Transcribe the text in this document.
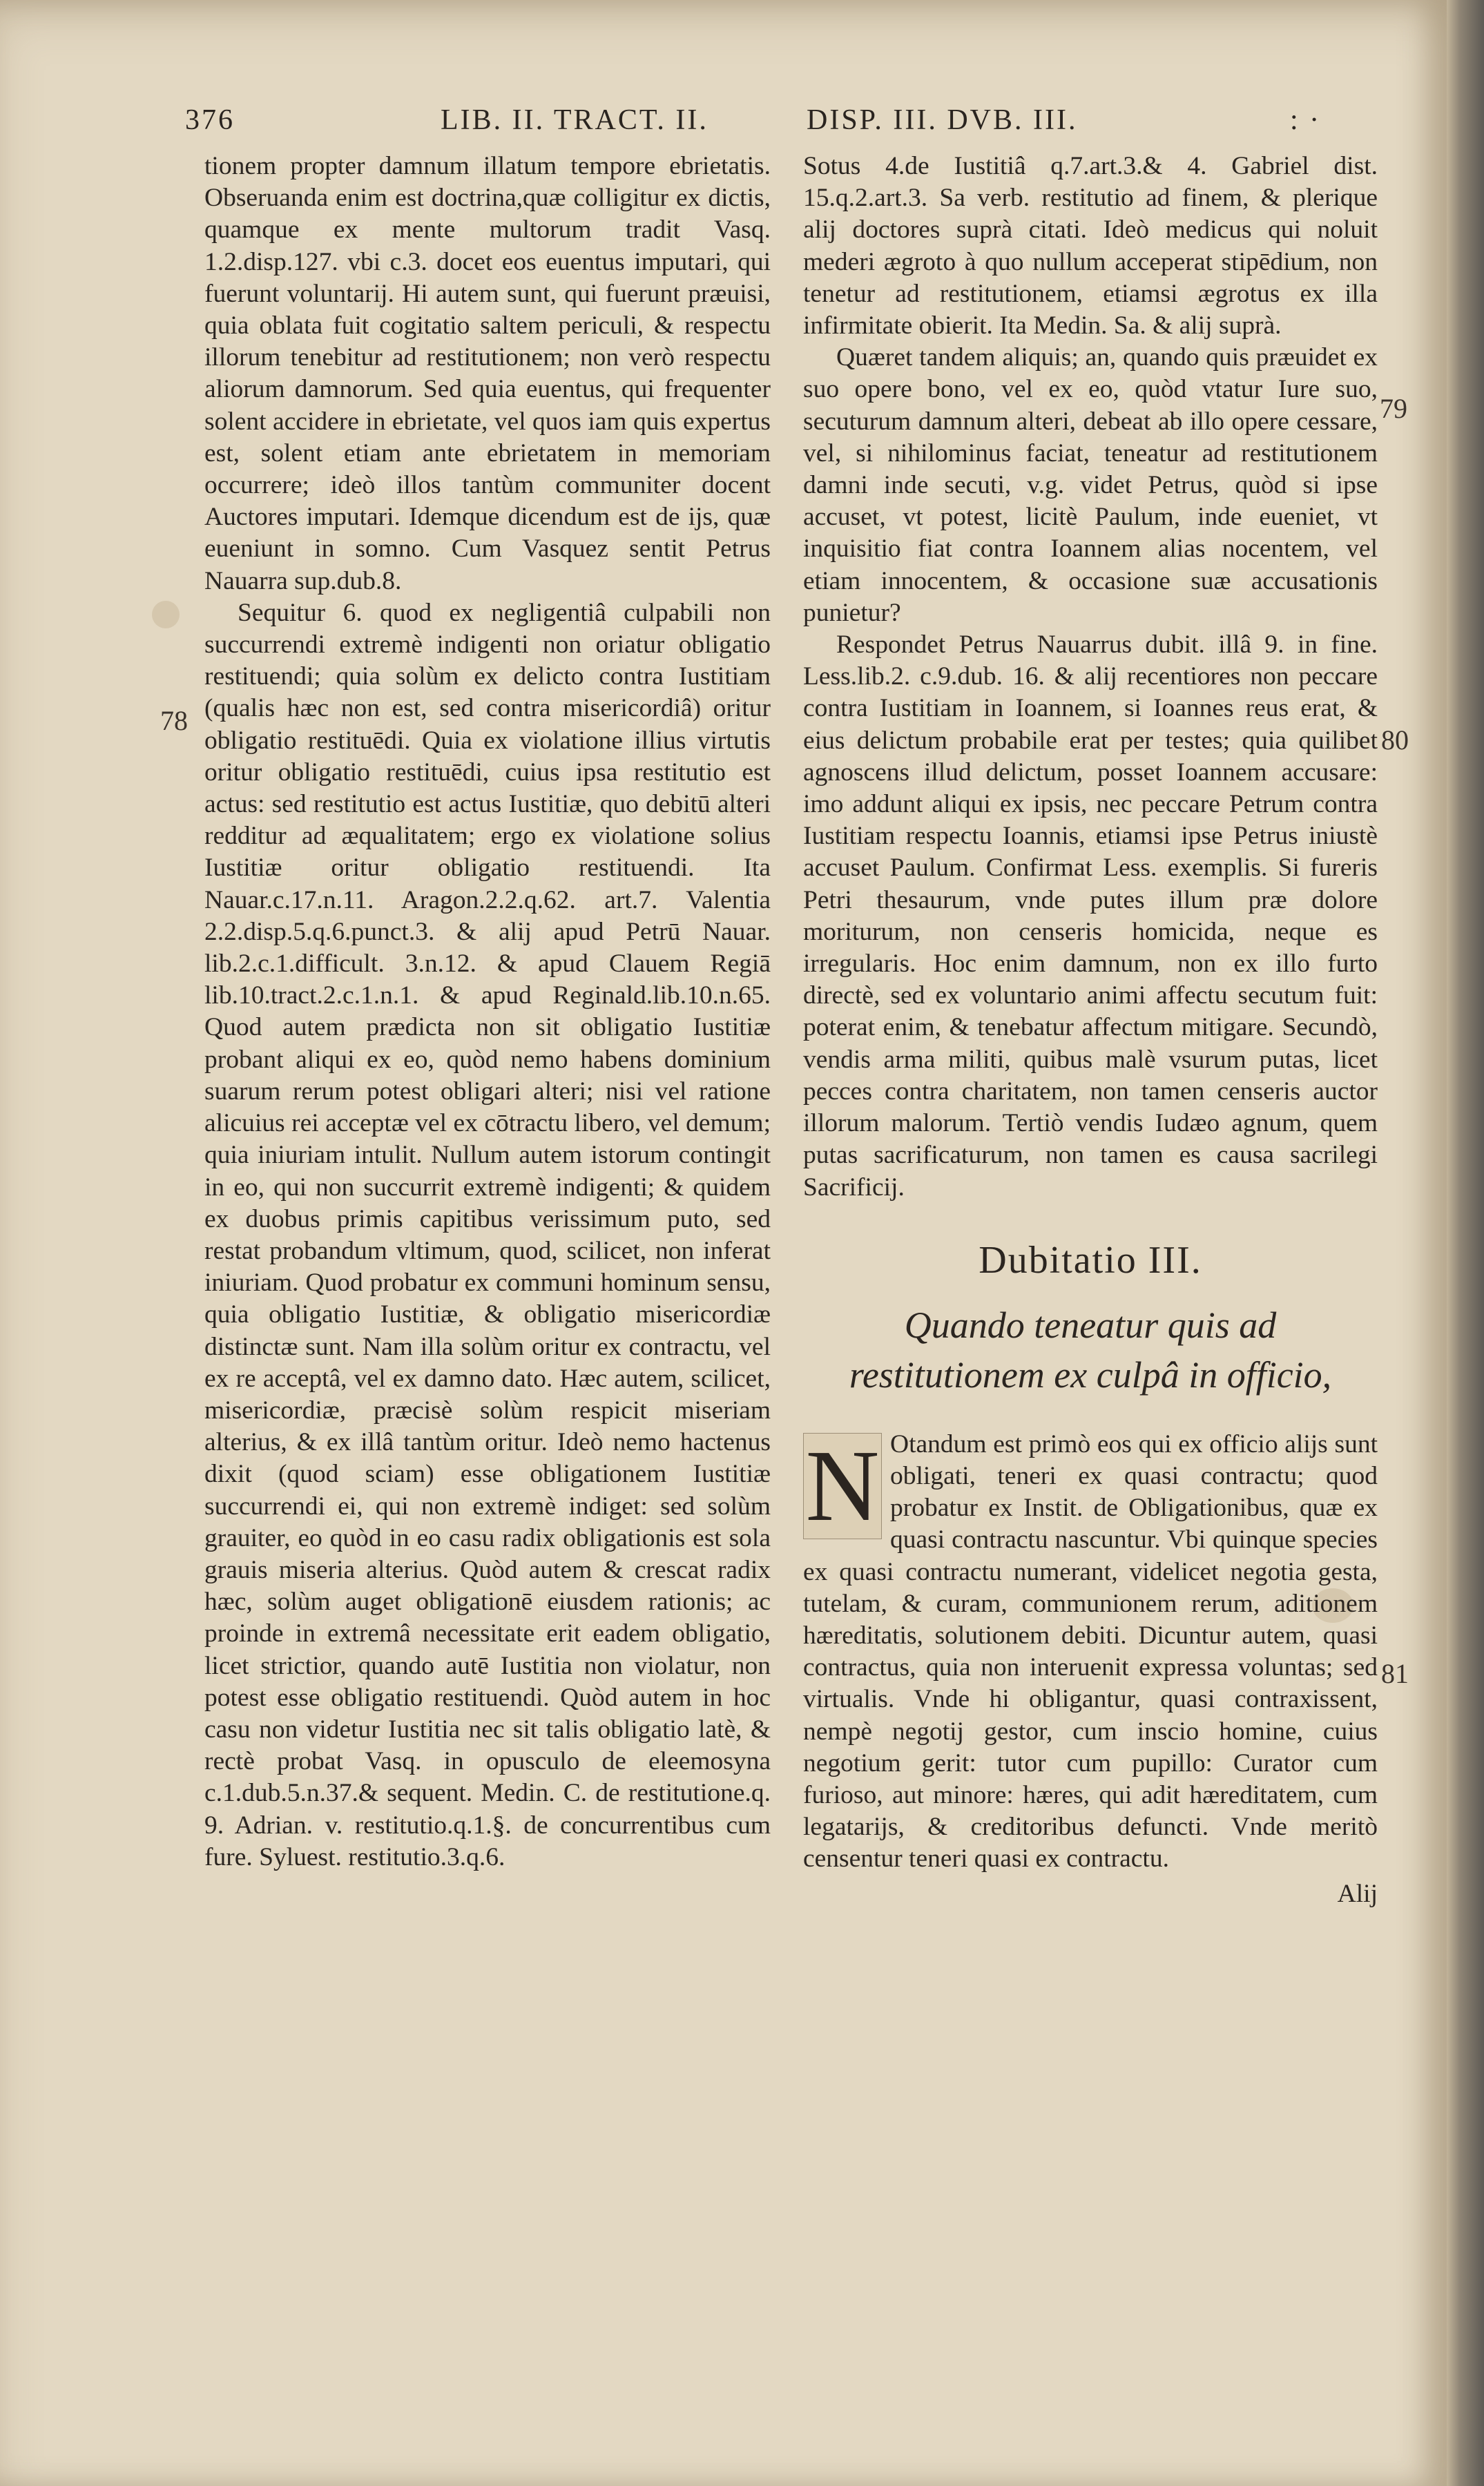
376	LIB. II. TRACT. II.	DISP. III. DVB. III.	: ·
78
79
80
81

tionem propter damnum illatum tempore ebrietatis. Obseruanda enim est doctrina,quæ colligitur ex dictis, quamque ex mente multorum tradit Vasq. 1.2.disp.127. vbi c.3. docet eos euentus imputari, qui fuerunt voluntarij. Hi autem sunt, qui fuerunt præuisi, quia oblata fuit cogitatio saltem periculi, & respectu illorum tenebitur ad restitutionem; non verò respectu aliorum damnorum. Sed quia euentus, qui frequenter solent accidere in ebrietate, vel quos iam quis expertus est, solent etiam ante ebrietatem in memoriam occurrere; ideò illos tantùm communiter docent Auctores imputari. Idemque dicendum est de ijs, quæ eueniunt in somno. Cum Vasquez sentit Petrus Nauarra sup.dub.8.

Sequitur 6. quod ex negligentiâ culpabili non succurrendi extremè indigenti non oriatur obligatio restituendi; quia solùm ex delicto contra Iustitiam (qualis hæc non est, sed contra misericordiâ) oritur obligatio restituēdi. Quia ex violatione illius virtutis oritur obligatio restituēdi, cuius ipsa restitutio est actus: sed restitutio est actus Iustitiæ, quo debitū alteri redditur ad æqualitatem; ergo ex violatione solius Iustitiæ oritur obligatio restituendi. Ita Nauar.c.17.n.11. Aragon.2.2.q.62. art.7. Valentia 2.2.disp.5.q.6.punct.3. & alij apud Petrū Nauar. lib.2.c.1.difficult. 3.n.12. & apud Clauem Regiā lib.10.tract.2.c.1.n.1. & apud Reginald.lib.10.n.65. Quod autem prædicta non sit obligatio Iustitiæ probant aliqui ex eo, quòd nemo habens dominium suarum rerum potest obligari alteri; nisi vel ratione alicuius rei acceptæ vel ex cōtractu libero, vel demum; quia iniuriam intulit. Nullum autem istorum contingit in eo, qui non succurrit extremè indigenti; & quidem ex duobus primis capitibus verissimum puto, sed restat probandum vltimum, quod, scilicet, non inferat iniuriam. Quod probatur ex communi hominum sensu, quia obligatio Iustitiæ, & obligatio misericordiæ distinctæ sunt. Nam illa solùm oritur ex contractu, vel ex re acceptâ, vel ex damno dato. Hæc autem, scilicet, misericordiæ, præcisè solùm respicit miseriam alterius, & ex illâ tantùm oritur. Ideò nemo hactenus dixit (quod sciam) esse obligationem Iustitiæ succurrendi ei, qui non extremè indiget: sed solùm grauiter, eo quòd in eo casu radix obligationis est sola grauis miseria alterius. Quòd autem & crescat radix hæc, solùm auget obligationē eiusdem rationis; ac proinde in extremâ necessitate erit eadem obligatio, licet strictior, quando autē Iustitia non violatur, non potest esse obligatio restituendi. Quòd autem in hoc casu non videtur Iustitia nec sit talis obligatio latè, & rectè probat Vasq. in opusculo de eleemosyna c.1.dub.5.n.37.& sequent. Medin. C. de restitutione.q. 9. Adrian. v. restitutio.q.1.§. de concurrentibus cum fure. Syluest. restitutio.3.q.6.

Sotus 4.de Iustitiâ q.7.art.3.& 4. Gabriel dist. 15.q.2.art.3. Sa verb. restitutio ad finem, & plerique alij doctores suprà citati. Ideò medicus qui noluit mederi ægroto à quo nullum acceperat stipēdium, non tenetur ad restitutionem, etiamsi ægrotus ex illa infirmitate obierit. Ita Medin. Sa. & alij suprà.

Quæret tandem aliquis; an, quando quis præuidet ex suo opere bono, vel ex eo, quòd vtatur Iure suo, secuturum damnum alteri, debeat ab illo opere cessare, vel, si nihilominus faciat, teneatur ad restitutionem damni inde secuti, v.g. videt Petrus, quòd si ipse accuset, vt potest, licitè Paulum, inde eueniet, vt inquisitio fiat contra Ioannem alias nocentem, vel etiam innocentem, & occasione suæ accusationis punietur?

Respondet Petrus Nauarrus dubit. illâ 9. in fine. Less.lib.2. c.9.dub. 16. & alij recentiores non peccare contra Iustitiam in Ioannem, si Ioannes reus erat, & eius delictum probabile erat per testes; quia quilibet agnoscens illud delictum, posset Ioannem accusare: imo addunt aliqui ex ipsis, nec peccare Petrum contra Iustitiam respectu Ioannis, etiamsi ipse Petrus iniustè accuset Paulum. Confirmat Less. exemplis. Si fureris Petri thesaurum, vnde putes illum præ dolore moriturum, non censeris homicida, neque es irregularis. Hoc enim damnum, non ex illo furto directè, sed ex voluntario animi affectu secutum fuit: poterat enim, & tenebatur affectum mitigare. Secundò, vendis arma militi, quibus malè vsurum putas, licet pecces contra charitatem, non tamen censeris auctor illorum malorum. Tertiò vendis Iudæo agnum, quem putas sacrificaturum, non tamen es causa sacrilegi Sacrificij.

Dubitatio III.
Quando teneatur quis ad restitutionem ex culpâ in officio,

N Otandum est primò eos qui ex officio alijs sunt obligati, teneri ex quasi contractu; quod probatur ex Instit. de Obligationibus, quæ ex quasi contractu nascuntur. Vbi quinque species ex quasi contractu numerant, videlicet negotia gesta, tutelam, & curam, communionem rerum, aditionem hæreditatis, solutionem debiti. Dicuntur autem, quasi contractus, quia non interuenit expressa voluntas; sed virtualis. Vnde hi obligantur, quasi contraxissent, nempè negotij gestor, cum inscio homine, cuius negotium gerit: tutor cum pupillo: Curator cum furioso, aut minore: hæres, qui adit hæreditatem, cum legatarijs, & creditoribus defuncti. Vnde meritò censentur teneri quasi ex contractu.

Alij
